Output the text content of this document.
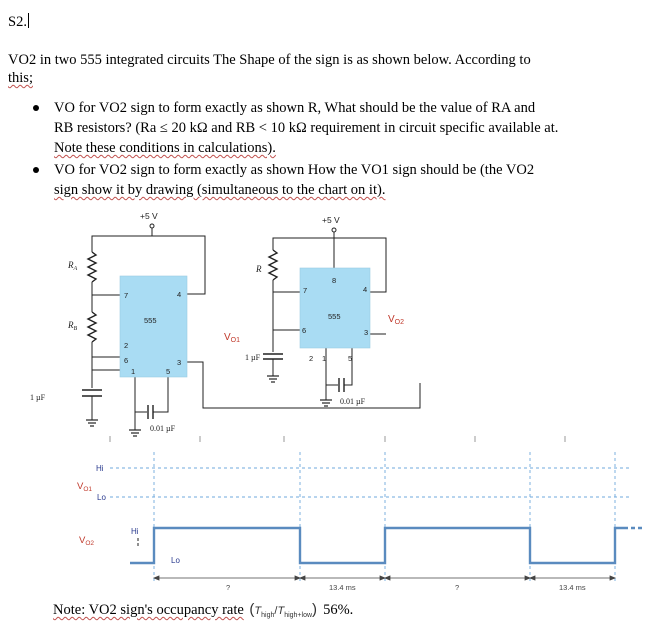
S2.
VO2 in two 555 integrated circuits The Shape of the sign is as shown below. According to
this;
VO for VO2 sign to form exactly as shown R, What should be the value of RA and
RB resistors? (Ra ≤ 20 kΩ and RB < 10 kΩ requirement in circuit specific available at.
Note these conditions in calculations).
VO for VO2 sign to form exactly as shown How the VO1 sign should be (the VO2
sign show it by drawing (simultaneous to the chart on it).
+5 V
555
7	4
2
6
1	5
3
$R_A$
$R_B$
1 µF
0.01 µF
$V_{O1}$
+5 V
555
8
7	4
6	3
2 1	5
R
1 µF
0.01 µF
$V_{O2}$
Hi
Lo
Hi
Lo
$V_{O1}$
$V_{O2}$
?	13.4 ms	?	13.4 ms
Note: VO2 sign's occupancy rate $(T_{high}/T_{high+low})$ 56%.
